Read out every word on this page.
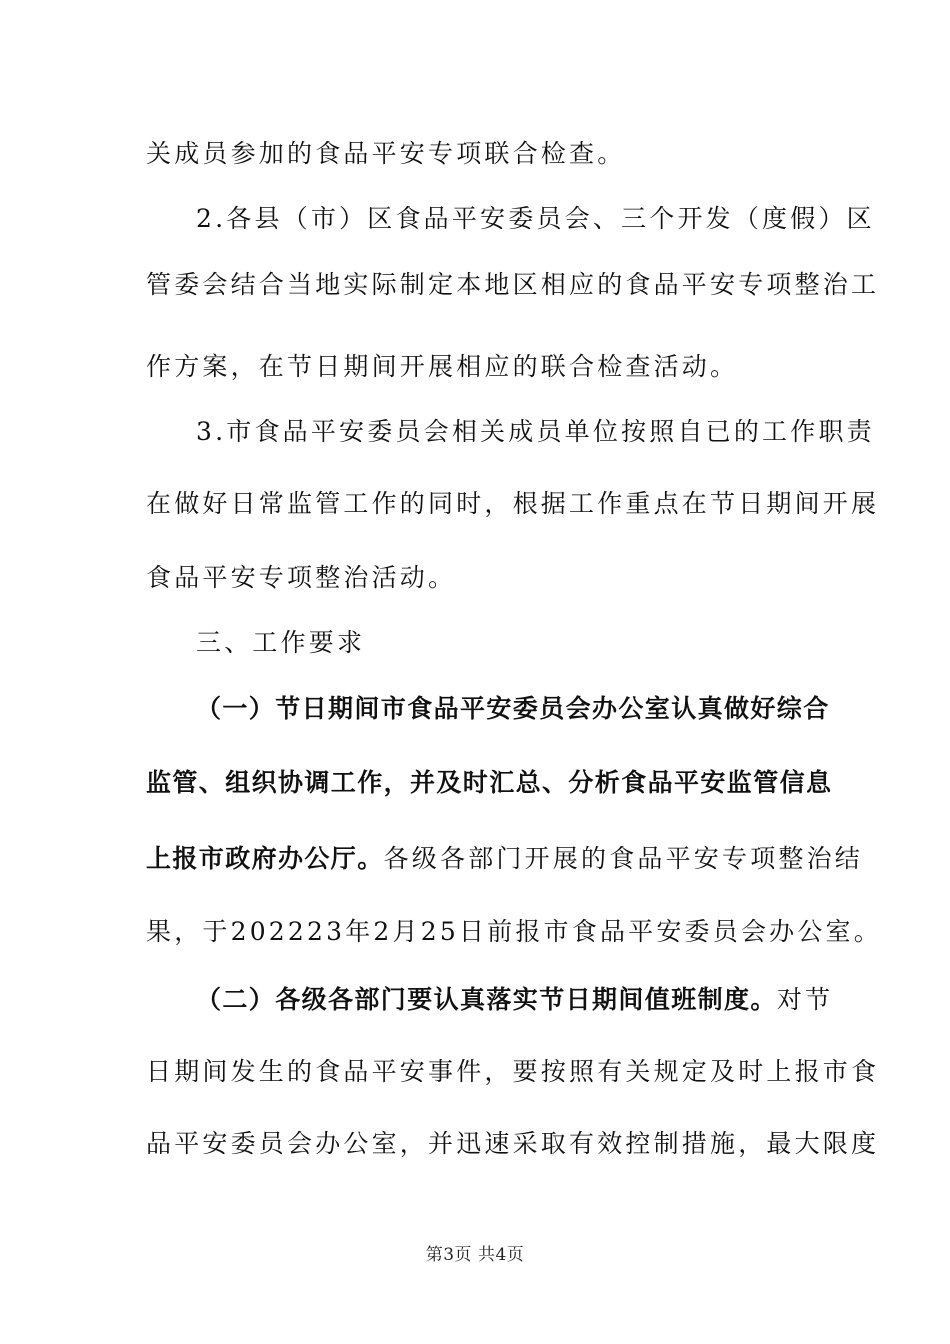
关成员参加的食品平安专项联合检查。
2.各县（市）区食品平安委员会、三个开发（度假）区
管委会结合当地实际制定本地区相应的食品平安专项整治工
作方案，在节日期间开展相应的联合检查活动。
3.市食品平安委员会相关成员单位按照自已的工作职责
在做好日常监管工作的同时，根据工作重点在节日期间开展
食品平安专项整治活动。
三、工作要求
（一）节日期间市食品平安委员会办公室认真做好综合
监管、组织协调工作，并及时汇总、分析食品平安监管信息
上报市政府办公厅。各级各部门开展的食品平安专项整治结
果，于202223年2月25日前报市食品平安委员会办公室。
（二）各级各部门要认真落实节日期间值班制度。对节
日期间发生的食品平安事件，要按照有关规定及时上报市食
品平安委员会办公室，并迅速采取有效控制措施，最大限度
第3页 共4页
